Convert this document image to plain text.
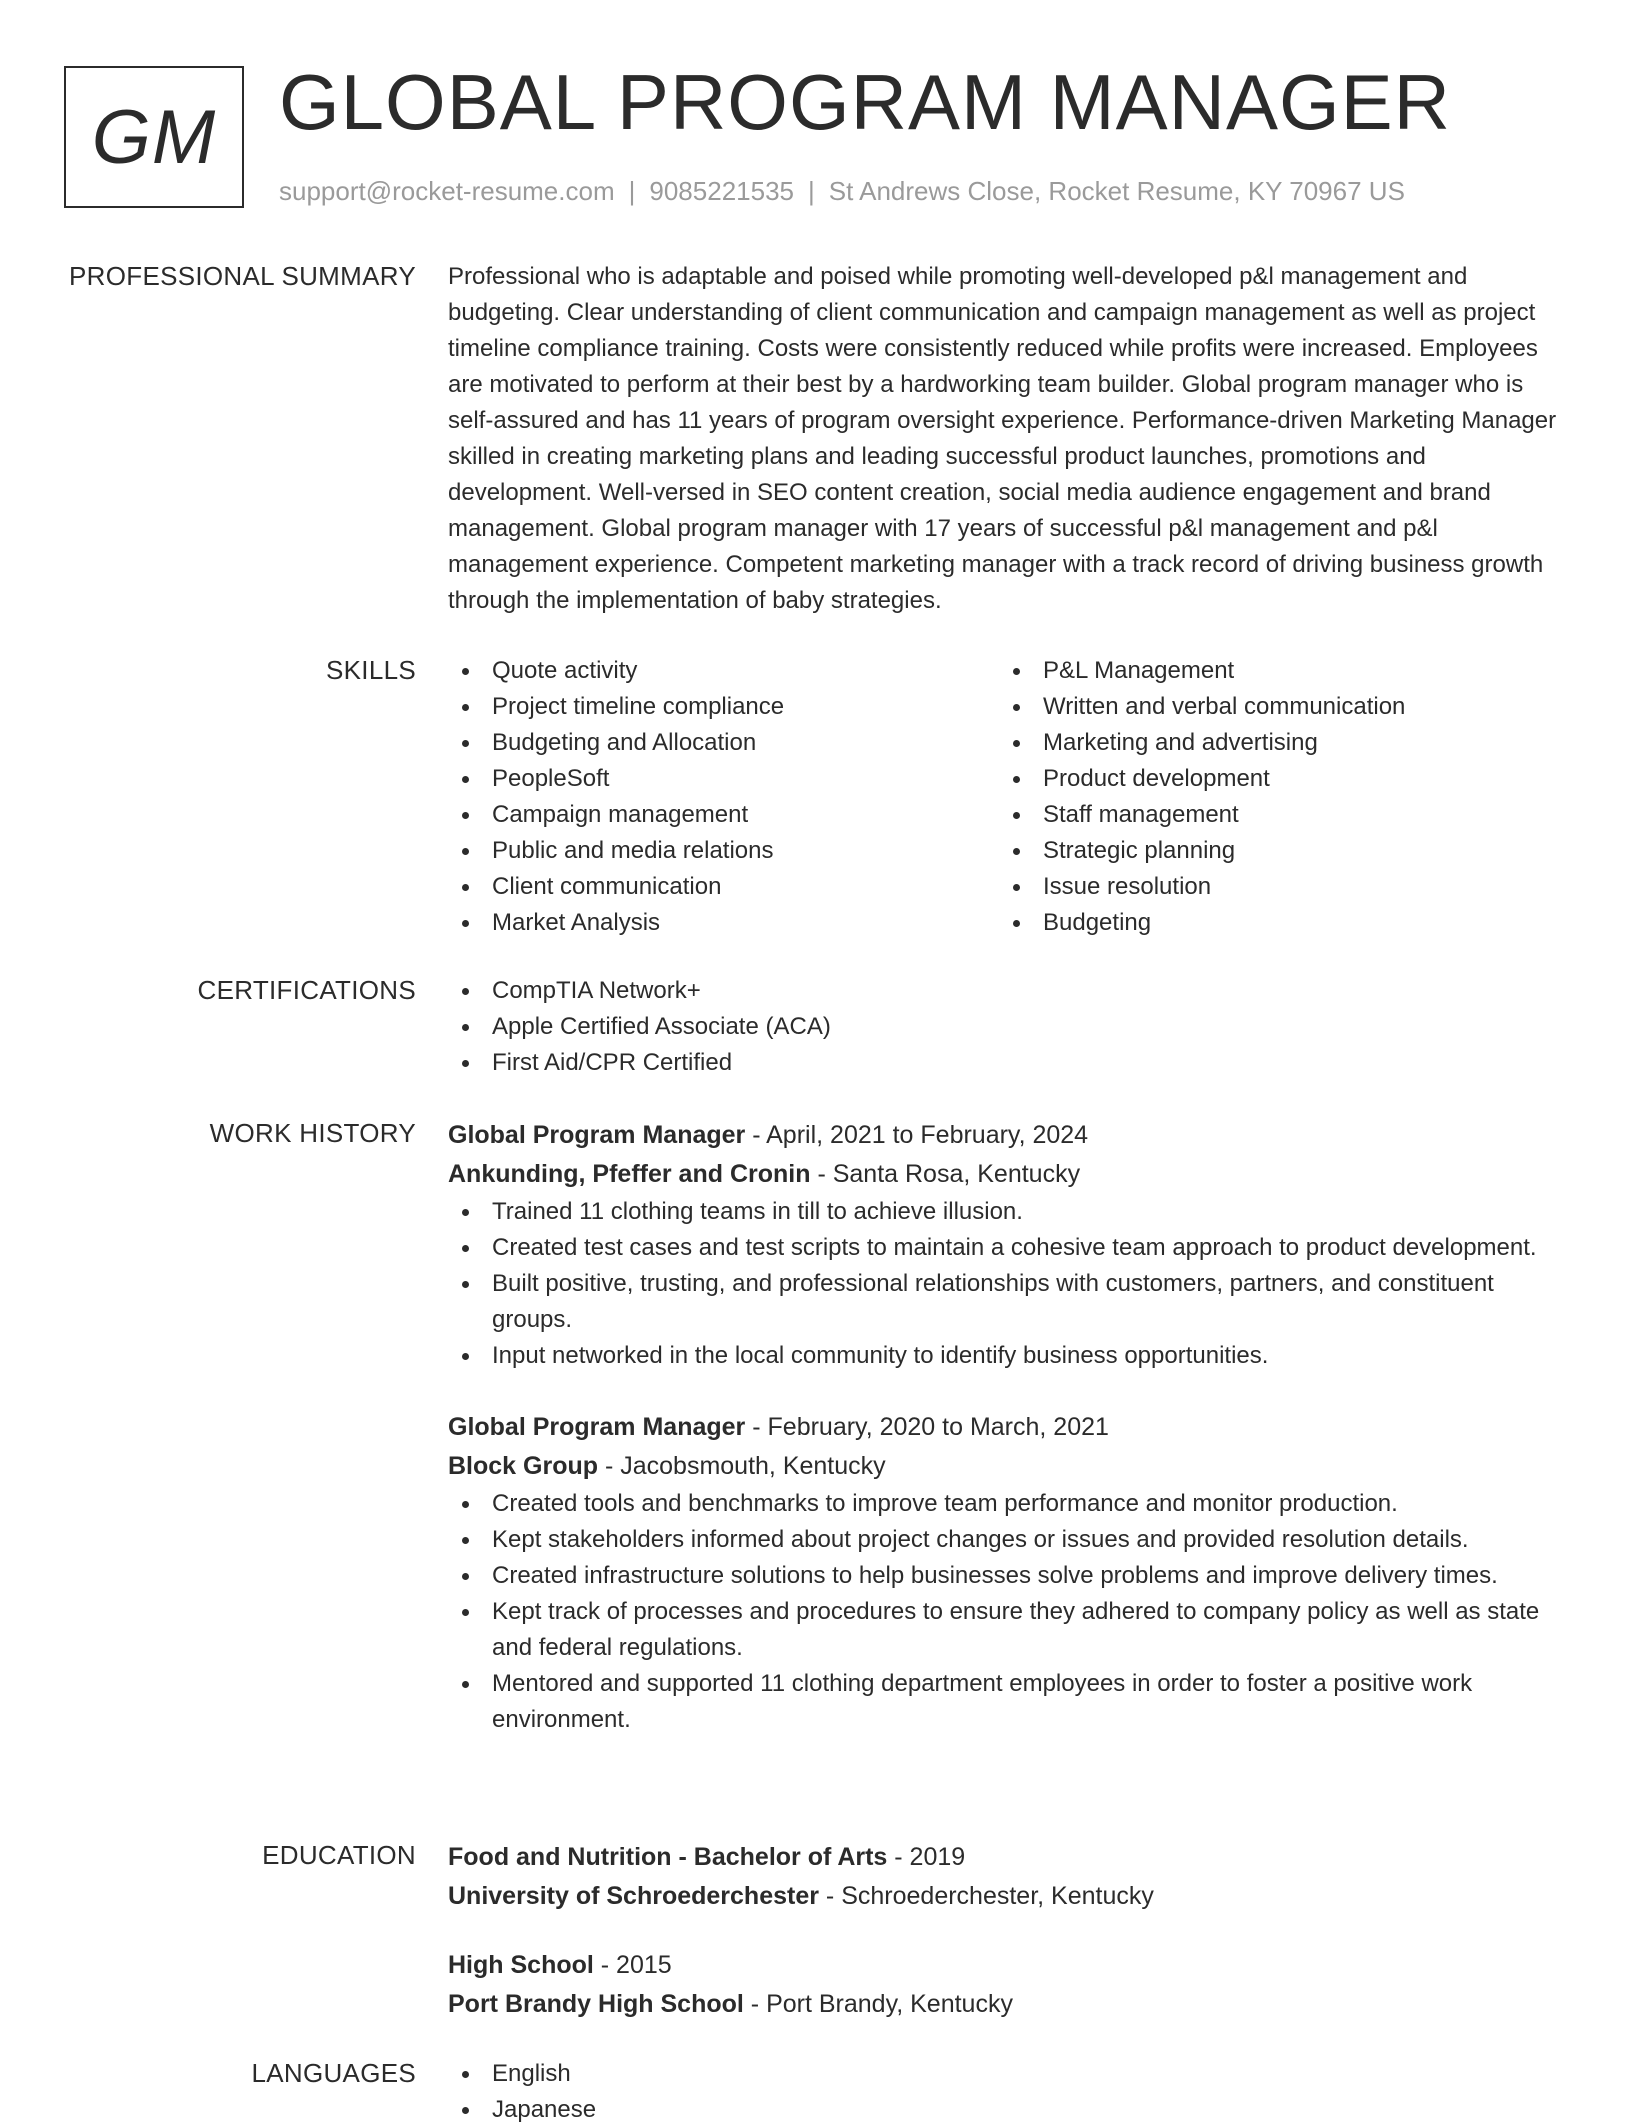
GM GLOBAL PROGRAM MANAGER
support@rocket-resume.com | 9085221535 | St Andrews Close, Rocket Resume, KY 70967 US
PROFESSIONAL SUMMARY Professional who is adaptable and poised while promoting well-developed p&l management and budgeting. Clear understanding of client communication and campaign management as well as project timeline compliance training. Costs were consistently reduced while profits were increased. Employees are motivated to perform at their best by a hardworking team builder. Global program manager who is self-assured and has 11 years of program oversight experience. Performance-driven Marketing Manager skilled in creating marketing plans and leading successful product launches, promotions and development. Well-versed in SEO content creation, social media audience engagement and brand management. Global program manager with 17 years of successful p&l management and p&l management experience. Competent marketing manager with a track record of driving business growth through the implementation of baby strategies.

SKILLS	Quote activity
Project timeline compliance
Budgeting and Allocation
PeopleSoft
Campaign management
Public and media relations
Client communication
Market Analysis
P&L Management
Written and verbal communication
Marketing and advertising
Product development
Staff management
Strategic planning
Issue resolution
Budgeting
CERTIFICATIONS	CompTIA Network+
Apple Certified Associate (ACA)
First Aid/CPR Certified
WORK HISTORY Global Program Manager - April, 2021 to February, 2024
Ankunding, Pfeffer and Cronin - Santa Rosa, Kentucky
Trained 11 clothing teams in till to achieve illusion.
Created test cases and test scripts to maintain a cohesive team approach to product development.
Built positive, trusting, and professional relationships with customers, partners, and constituent groups.
Input networked in the local community to identify business opportunities.
Global Program Manager - February, 2020 to March, 2021
Block Group - Jacobsmouth, Kentucky
Created tools and benchmarks to improve team performance and monitor production.
Kept stakeholders informed about project changes or issues and provided resolution details.
Created infrastructure solutions to help businesses solve problems and improve delivery times.
Kept track of processes and procedures to ensure they adhered to company policy as well as state and federal regulations.
Mentored and supported 11 clothing department employees in order to foster a positive work environment.
EDUCATION Food and Nutrition - Bachelor of Arts - 2019
University of Schroederchester - Schroederchester, Kentucky
High School - 2015
Port Brandy High School - Port Brandy, Kentucky
LANGUAGES	English
Japanese
